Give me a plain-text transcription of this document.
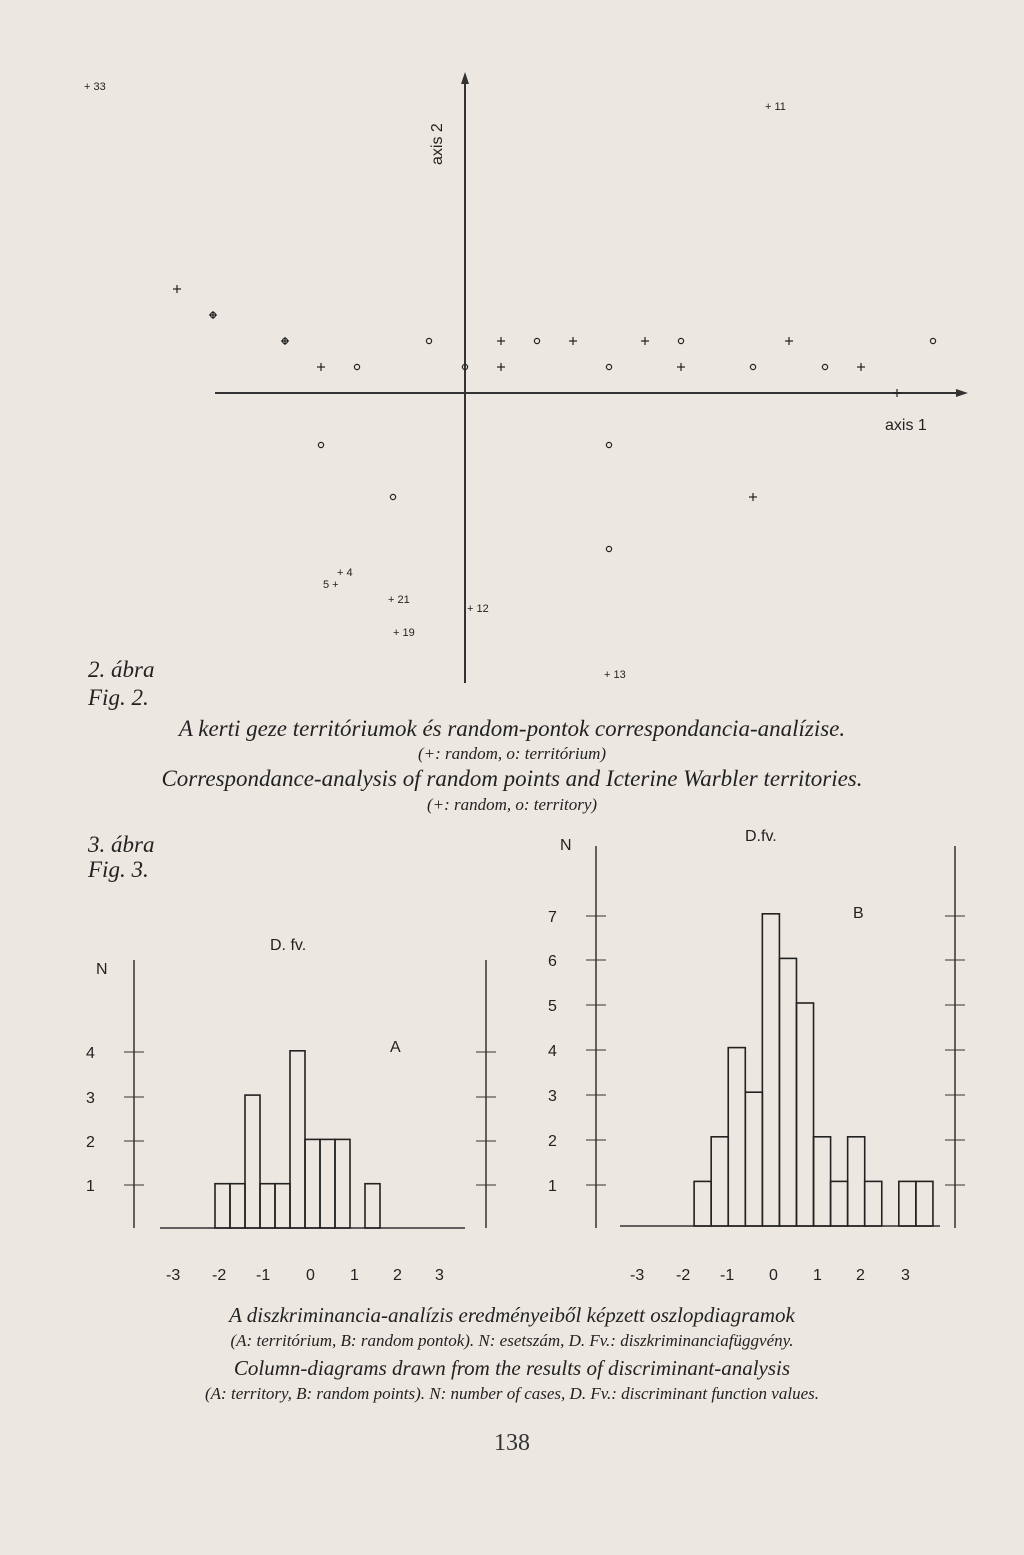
axis 1
axis 2
+ 33
+ 11
+ 4
5 +
+ 21
+ 19
+ 12
+ 13
2. ábra
Fig. 2.

A kerti geze territóriumok és random-pontok correspondancia-analízise.

(+: random, o: territórium)

Correspondance-analysis of random points and Icterine Warbler territories.

(+: random, o: territory)

3. ábra
Fig. 3.
N
D. fv.
A
4
3
2
1
-3 -2 -1 0 1 2 3
N
D.fv.
B
7
6
5
4
3
2
1
-3 -2 -1 0 1 2 3

A diszkriminancia-analízis eredményeiből képzett oszlopdiagramok

(A: territórium, B: random pontok). N: esetszám, D. Fv.: diszkriminanciafüggvény.

Column-diagrams drawn from the results of discriminant-analysis

(A: territory, B: random points). N: number of cases, D. Fv.: discriminant function values.

138
